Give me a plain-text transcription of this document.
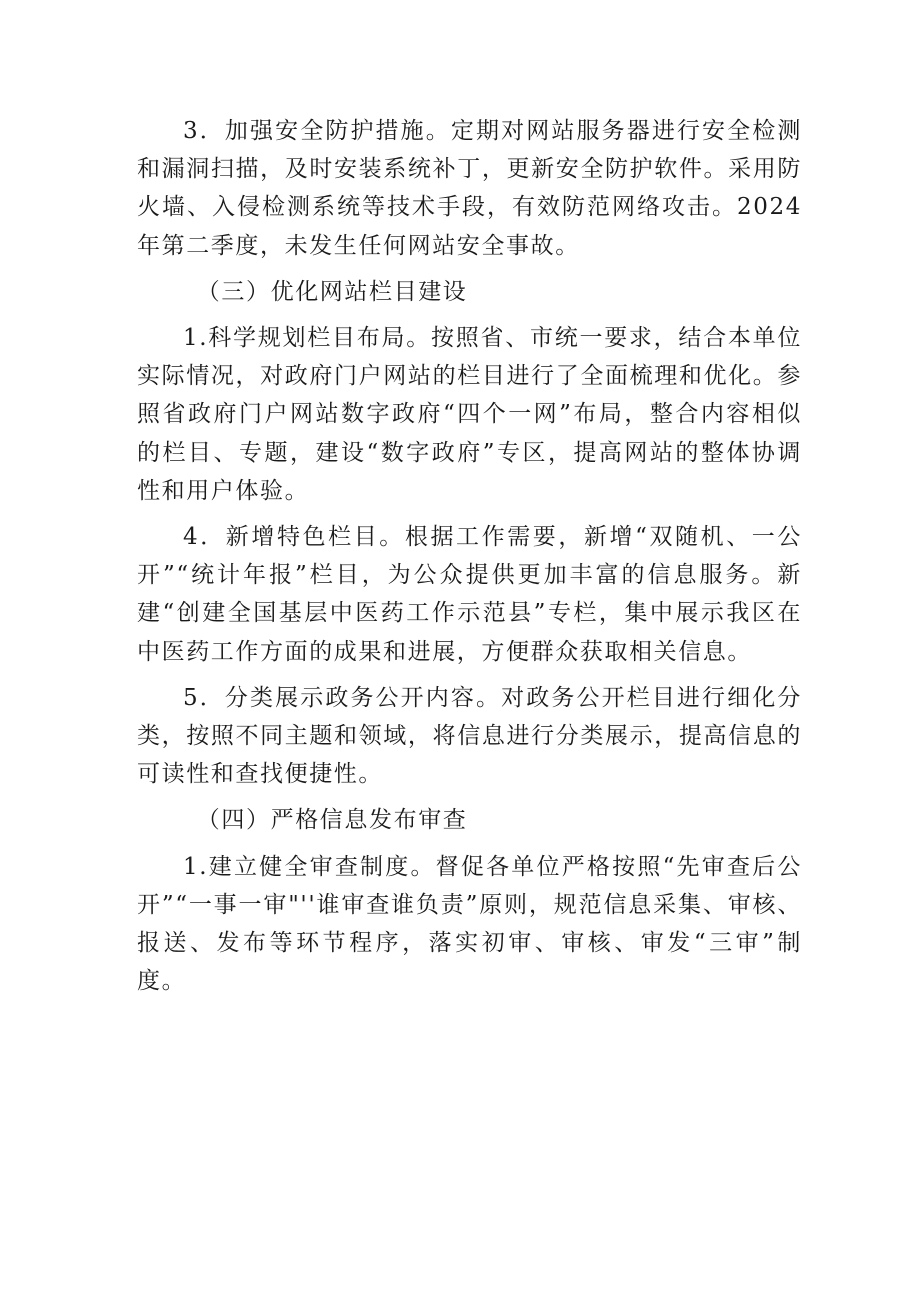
3．加强安全防护措施。定期对网站服务器进行安全检测和漏洞扫描，及时安装系统补丁，更新安全防护软件。采用防火墙、入侵检测系统等技术手段，有效防范网络攻击。2024年第二季度，未发生任何网站安全事故。

（三）优化网站栏目建设

1.科学规划栏目布局。按照省、市统一要求，结合本单位实际情况，对政府门户网站的栏目进行了全面梳理和优化。参照省政府门户网站数字政府“四个一网”布局，整合内容相似的栏目、专题，建设“数字政府”专区，提高网站的整体协调性和用户体验。

4．新增特色栏目。根据工作需要，新增“双随机、一公开”“统计年报”栏目，为公众提供更加丰富的信息服务。新建“创建全国基层中医药工作示范县”专栏，集中展示我区在中医药工作方面的成果和进展，方便群众获取相关信息。

5．分类展示政务公开内容。对政务公开栏目进行细化分类，按照不同主题和领域，将信息进行分类展示，提高信息的可读性和查找便捷性。

（四）严格信息发布审查

1.建立健全审查制度。督促各单位严格按照“先审查后公开”“一事一审"''谁审查谁负责”原则，规范信息采集、审核、报送、发布等环节程序，落实初审、审核、审发“三审”制度。
